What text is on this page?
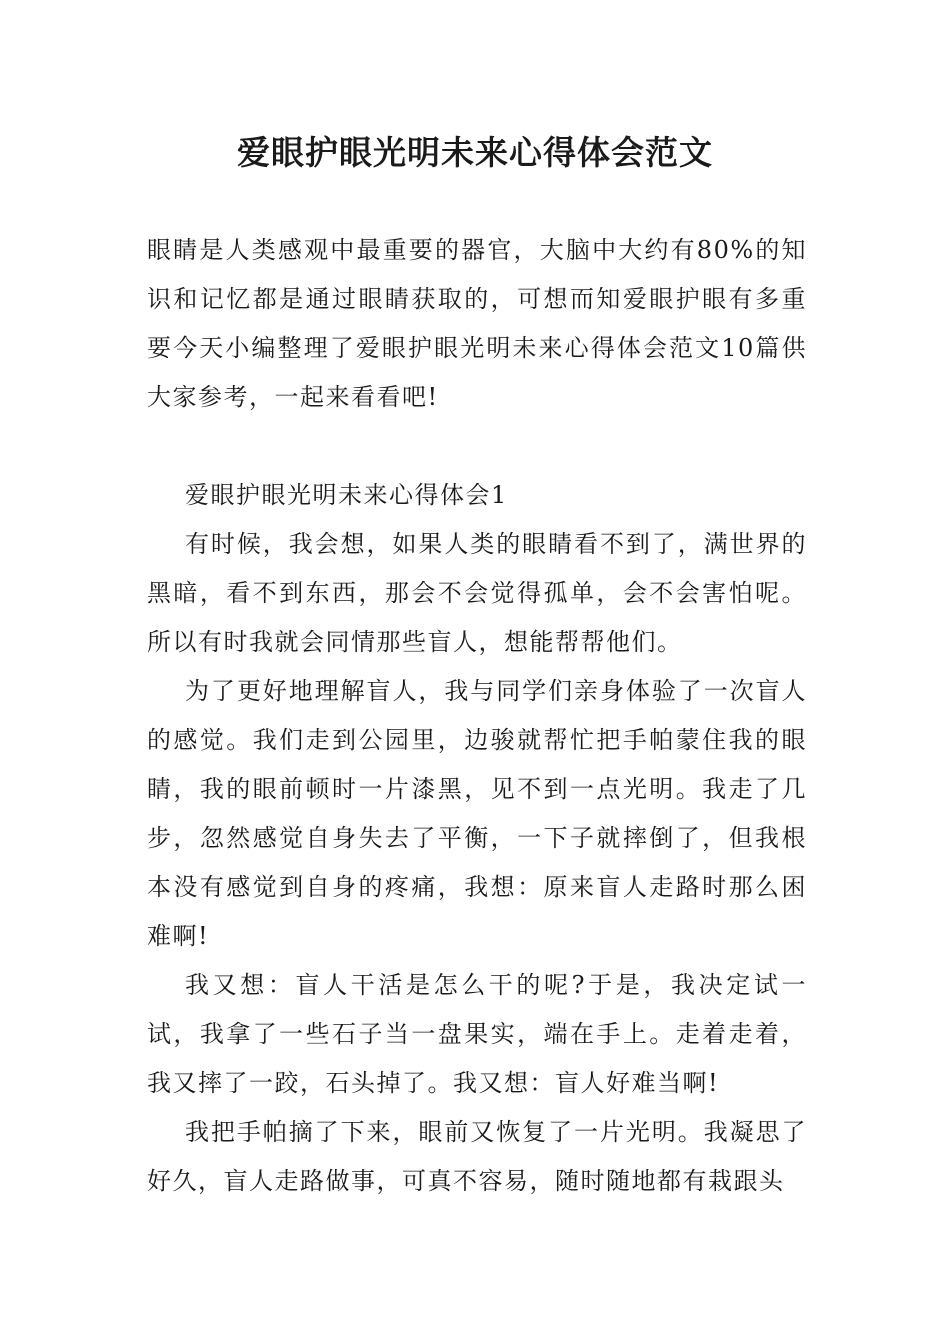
爱眼护眼光明未来心得体会范文

眼睛是人类感观中最重要的器官，大脑中大约有80%的知识和记忆都是通过眼睛获取的，可想而知爱眼护眼有多重要今天小编整理了爱眼护眼光明未来心得体会范文10篇供大家参考，一起来看看吧!

爱眼护眼光明未来心得体会1

有时候，我会想，如果人类的眼睛看不到了，满世界的黑暗，看不到东西，那会不会觉得孤单，会不会害怕呢。所以有时我就会同情那些盲人，想能帮帮他们。

为了更好地理解盲人，我与同学们亲身体验了一次盲人的感觉。我们走到公园里，边骏就帮忙把手帕蒙住我的眼睛，我的眼前顿时一片漆黑，见不到一点光明。我走了几步，忽然感觉自身失去了平衡，一下子就摔倒了，但我根本没有感觉到自身的疼痛，我想：原来盲人走路时那么困难啊!

我又想：盲人干活是怎么干的呢?于是，我决定试一试，我拿了一些石子当一盘果实，端在手上。走着走着，我又摔了一跤，石头掉了。我又想：盲人好难当啊!

我把手帕摘了下来，眼前又恢复了一片光明。我凝思了好久，盲人走路做事，可真不容易，随时随地都有栽跟头
